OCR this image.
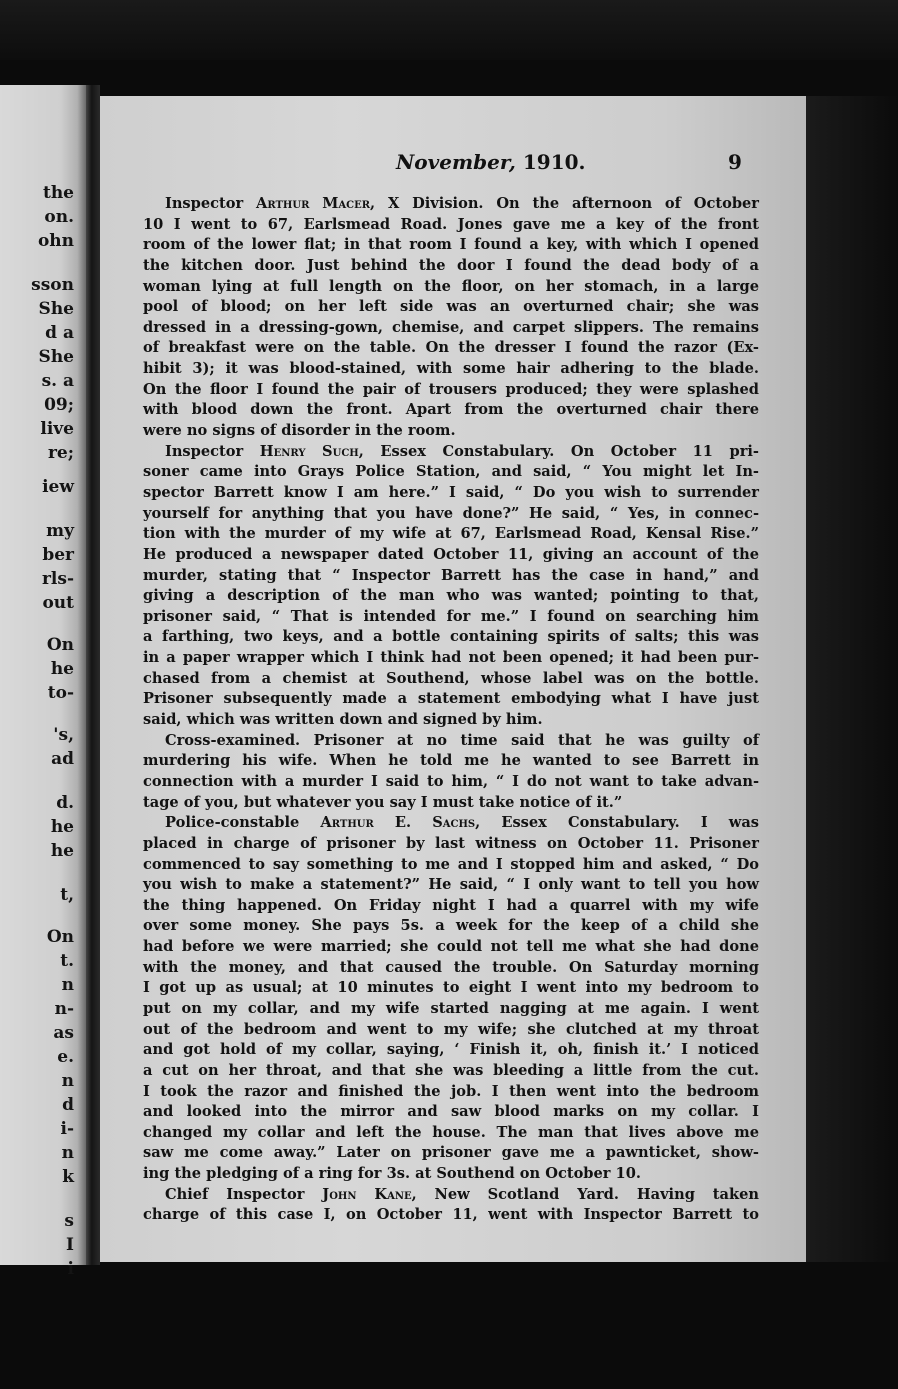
the
on.
ohn
sson
She
d a
She
s. a
09;
live
re;
iew
my
ber
rls-
out
On
he
to-
's,
ad
d.
he
he
t,
On
t.
n
n-
as
e.
n
d
i-
n
k
s
I
i
November, 1910.	9
Inspector Arthur Macer, X Division. On the afternoon of October
10 I went to 67, Earlsmead Road. Jones gave me a key of the front
room of the lower flat; in that room I found a key, with which I opened
the kitchen door. Just behind the door I found the dead body of a
woman lying at full length on the floor, on her stomach, in a large
pool of blood; on her left side was an overturned chair; she was
dressed in a dressing-gown, chemise, and carpet slippers. The remains
of breakfast were on the table. On the dresser I found the razor (Ex-
hibit 3); it was blood-stained, with some hair adhering to the blade.
On the floor I found the pair of trousers produced; they were splashed
with blood down the front. Apart from the overturned chair there
were no signs of disorder in the room.
Inspector Henry Such, Essex Constabulary. On October 11 pri-
soner came into Grays Police Station, and said, “ You might let In-
spector Barrett know I am here.” I said, “ Do you wish to surrender
yourself for anything that you have done?” He said, “ Yes, in connec-
tion with the murder of my wife at 67, Earlsmead Road, Kensal Rise.”
He produced a newspaper dated October 11, giving an account of the
murder, stating that “ Inspector Barrett has the case in hand,” and
giving a description of the man who was wanted; pointing to that,
prisoner said, “ That is intended for me.” I found on searching him
a farthing, two keys, and a bottle containing spirits of salts; this was
in a paper wrapper which I think had not been opened; it had been pur-
chased from a chemist at Southend, whose label was on the bottle.
Prisoner subsequently made a statement embodying what I have just
said, which was written down and signed by him.
Cross-examined. Prisoner at no time said that he was guilty of
murdering his wife. When he told me he wanted to see Barrett in
connection with a murder I said to him, “ I do not want to take advan-
tage of you, but whatever you say I must take notice of it.”
Police-constable Arthur E. Sachs, Essex Constabulary. I was
placed in charge of prisoner by last witness on October 11. Prisoner
commenced to say something to me and I stopped him and asked, “ Do
you wish to make a statement?” He said, “ I only want to tell you how
the thing happened. On Friday night I had a quarrel with my wife
over some money. She pays 5s. a week for the keep of a child she
had before we were married; she could not tell me what she had done
with the money, and that caused the trouble. On Saturday morning
I got up as usual; at 10 minutes to eight I went into my bedroom to
put on my collar, and my wife started nagging at me again. I went
out of the bedroom and went to my wife; she clutched at my throat
and got hold of my collar, saying, ‘ Finish it, oh, finish it.’ I noticed
a cut on her throat, and that she was bleeding a little from the cut.
I took the razor and finished the job. I then went into the bedroom
and looked into the mirror and saw blood marks on my collar. I
changed my collar and left the house. The man that lives above me
saw me come away.” Later on prisoner gave me a pawnticket, show-
ing the pledging of a ring for 3s. at Southend on October 10.
Chief Inspector John Kane, New Scotland Yard. Having taken
charge of this case I, on October 11, went with Inspector Barrett to
